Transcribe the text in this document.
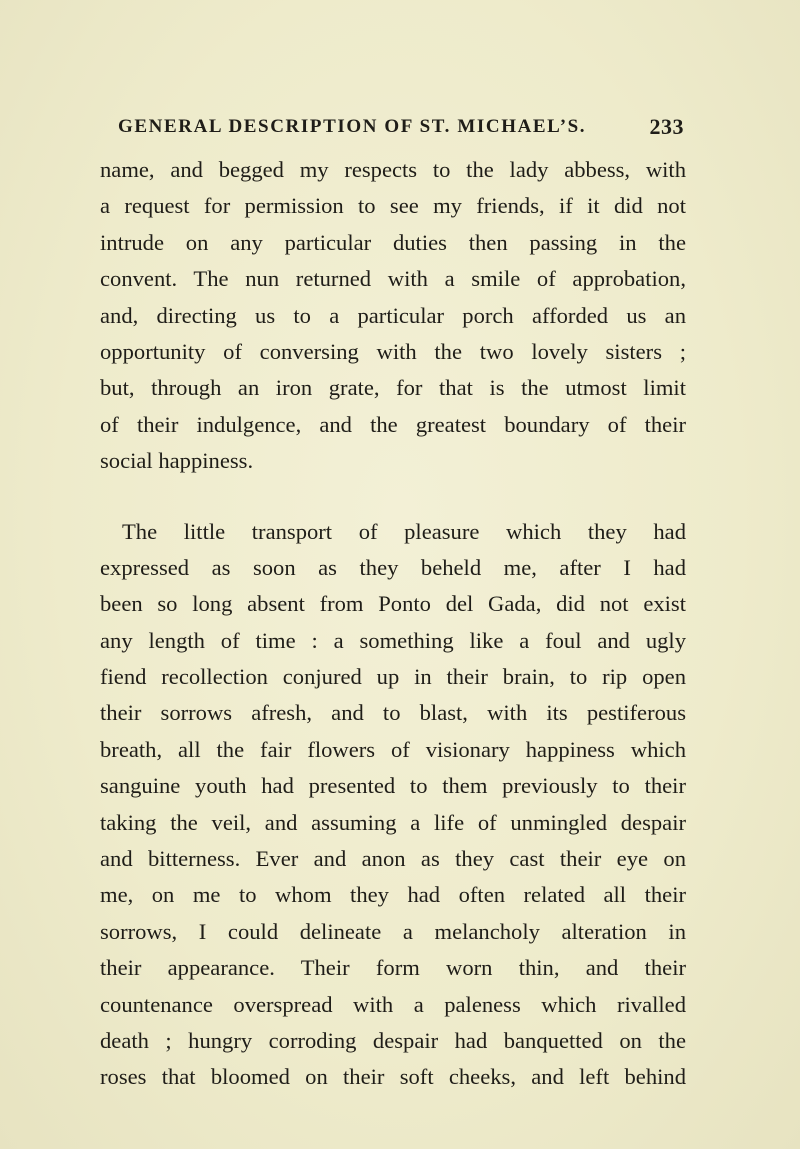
GENERAL DESCRIPTION OF ST. MICHAEL’S.	233
name, and begged my respects to the lady abbess, with
a request for permission to see my friends, if it did not
intrude on any particular duties then passing in the
convent. The nun returned with a smile of approbation,
and, directing us to a particular porch afforded us an
opportunity of conversing with the two lovely sisters ;
but, through an iron grate, for that is the utmost limit
of their indulgence, and the greatest boundary of their
social happiness.
The little transport of pleasure which they had
expressed as soon as they beheld me, after I had
been so long absent from Ponto del Gada, did not exist
any length of time : a something like a foul and ugly
fiend recollection conjured up in their brain, to rip open
their sorrows afresh, and to blast, with its pestiferous
breath, all the fair flowers of visionary happiness which
sanguine youth had presented to them previously to their
taking the veil, and assuming a life of unmingled despair
and bitterness. Ever and anon as they cast their eye on
me, on me to whom they had often related all their
sorrows, I could delineate a melancholy alteration in
their appearance. Their form worn thin, and their
countenance overspread with a paleness which rivalled
death ; hungry corroding despair had banquetted on the
roses that bloomed on their soft cheeks, and left behind
